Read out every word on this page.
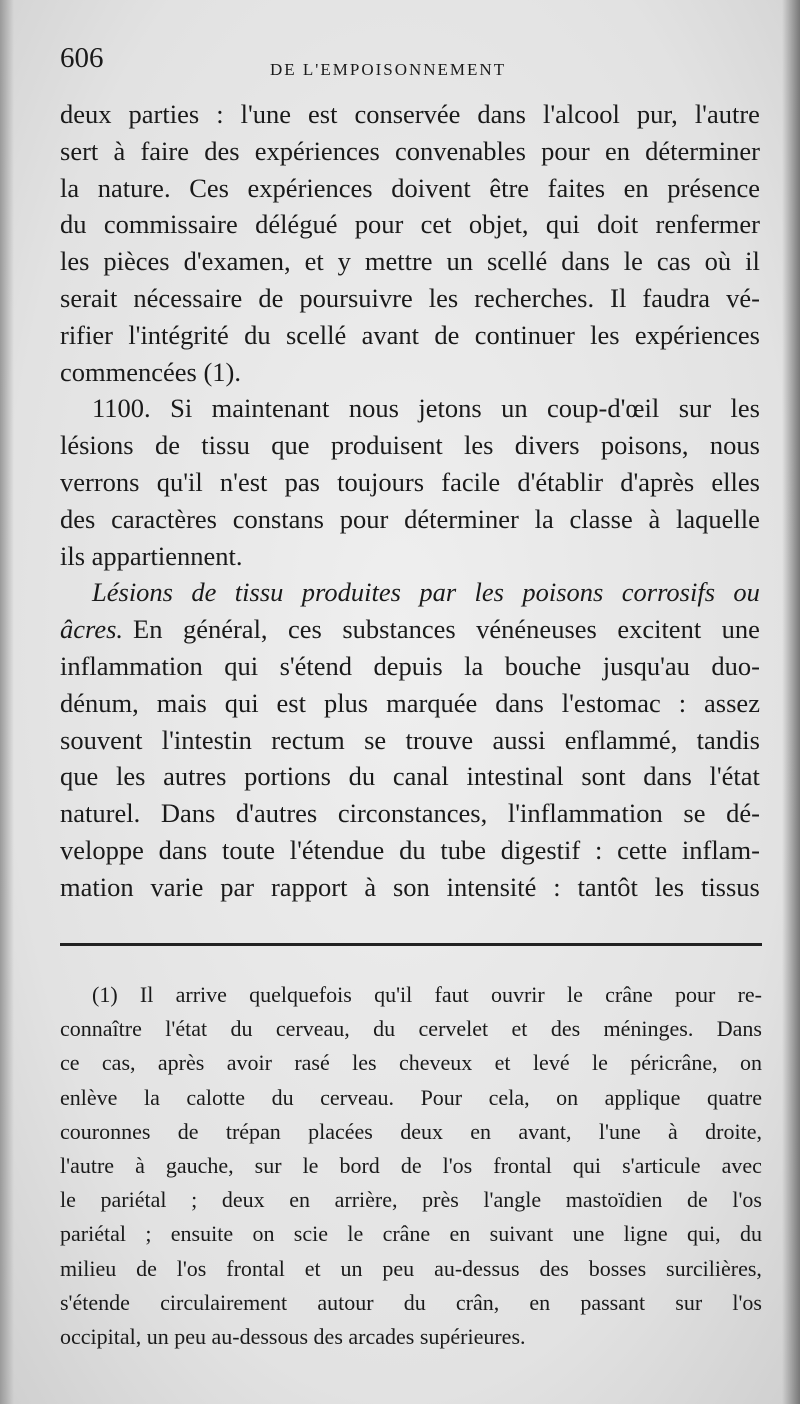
606	DE L'EMPOISONNEMENT
deux parties : l'une est conservée dans l'alcool pur, l'autre
sert à faire des expériences convenables pour en déterminer
la nature. Ces expériences doivent être faites en présence
du commissaire délégué pour cet objet, qui doit renfermer
les pièces d'examen, et y mettre un scellé dans le cas où il
serait nécessaire de poursuivre les recherches. Il faudra vé-
rifier l'intégrité du scellé avant de continuer les expériences
commencées (1).
1100. Si maintenant nous jetons un coup-d'œil sur les
lésions de tissu que produisent les divers poisons, nous
verrons qu'il n'est pas toujours facile d'établir d'après elles
des caractères constans pour déterminer la classe à laquelle
ils appartiennent.
Lésions de tissu produites par les poisons corrosifs ou
âcres. En général, ces substances vénéneuses excitent une
inflammation qui s'étend depuis la bouche jusqu'au duo-
dénum, mais qui est plus marquée dans l'estomac : assez
souvent l'intestin rectum se trouve aussi enflammé, tandis
que les autres portions du canal intestinal sont dans l'état
naturel. Dans d'autres circonstances, l'inflammation se dé-
veloppe dans toute l'étendue du tube digestif : cette inflam-
mation varie par rapport à son intensité : tantôt les tissus
(1) Il arrive quelquefois qu'il faut ouvrir le crâne pour re-
connaître l'état du cerveau, du cervelet et des méninges. Dans
ce cas, après avoir rasé les cheveux et levé le péricrâne, on
enlève la calotte du cerveau. Pour cela, on applique quatre
couronnes de trépan placées deux en avant, l'une à droite,
l'autre à gauche, sur le bord de l'os frontal qui s'articule avec
le pariétal ; deux en arrière, près l'angle mastoïdien de l'os
pariétal ; ensuite on scie le crâne en suivant une ligne qui, du
milieu de l'os frontal et un peu au-dessus des bosses surcilières,
s'étende circulairement autour du crân, en passant sur l'os
occipital, un peu au-dessous des arcades supérieures.
